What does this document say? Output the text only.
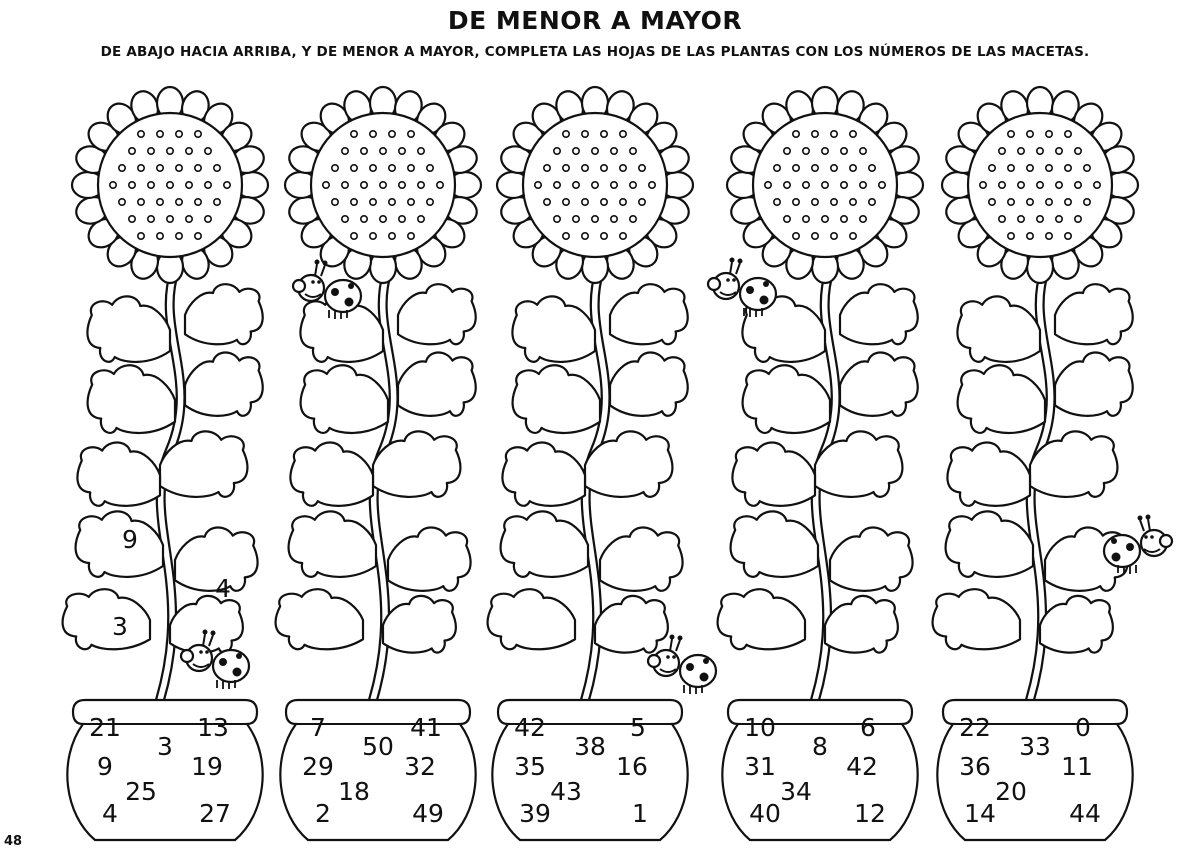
DE MENOR A MAYOR
DE ABAJO HACIA ARRIBA, Y DE MENOR A MAYOR, COMPLETA LAS HOJAS DE LAS PLANTAS CON LOS NÚMEROS DE LAS MACETAS.
48
21
3
13
9	19
25
4	27
3
4
9
7
50
41
29	32
18
2	49
42
38
5
35	16
43
39	1
10
8
6
31	42
34
40	12
22
33
0
36	11
20
14	44
